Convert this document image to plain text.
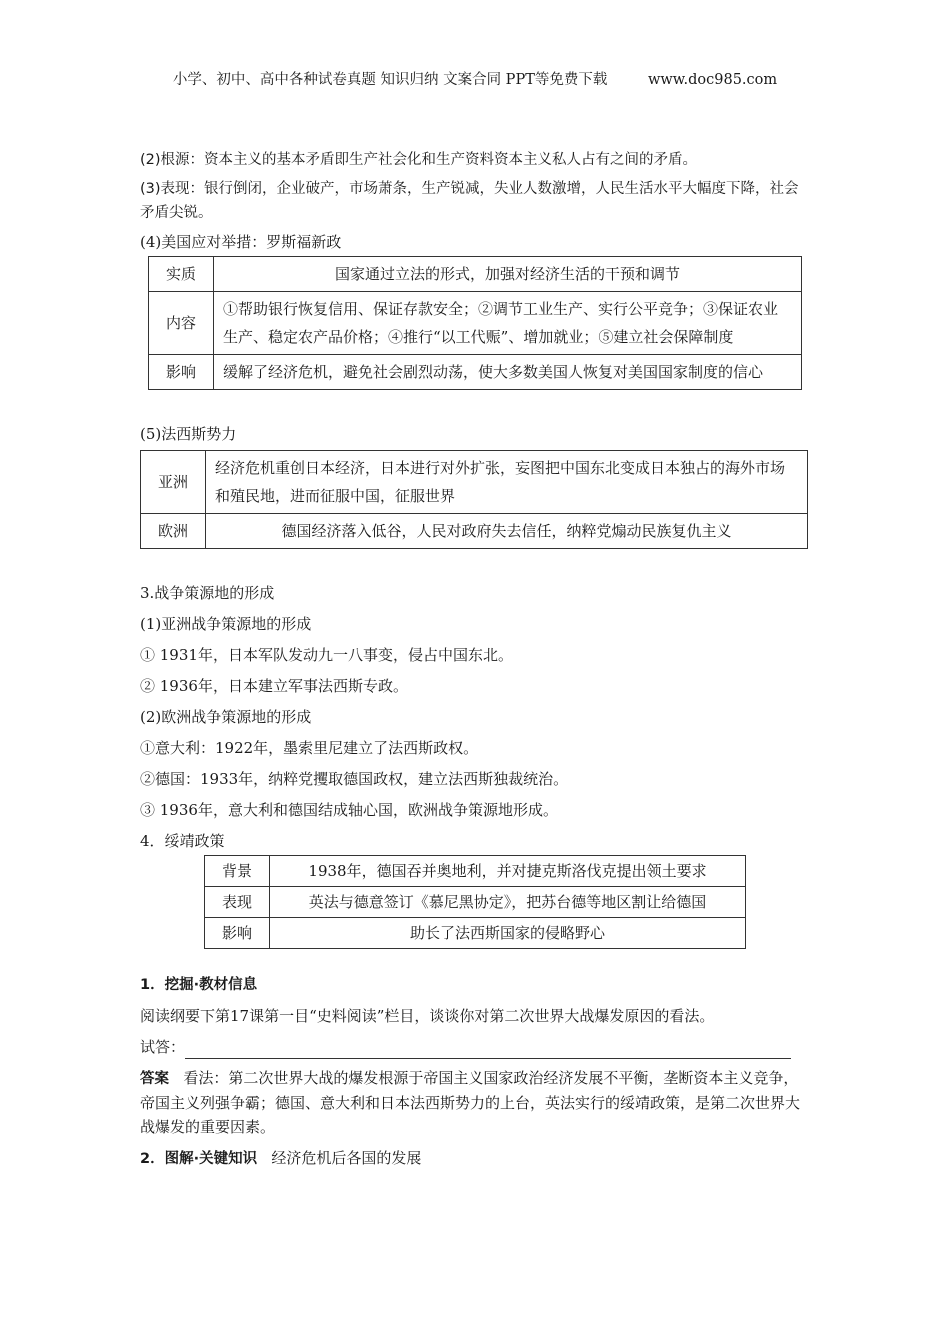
小学、初中、高中各种试卷真题 知识归纳 文案合同 PPT等免费下载	www.doc985.com

(2)根源：资本主义的基本矛盾即生产社会化和生产资料资本主义私人占有之间的矛盾。

(3)表现：银行倒闭，企业破产，市场萧条，生产锐减，失业人数激增，人民生活水平大幅度下降，社会矛盾尖锐。

(4)美国应对举措：罗斯福新政

实质	国家通过立法的形式，加强对经济生活的干预和调节
内容	①帮助银行恢复信用、保证存款安全；②调节工业生产、实行公平竞争；③保证农业生产、稳定农产品价格；④推行“以工代赈”、增加就业；⑤建立社会保障制度
影响	缓解了经济危机，避免社会剧烈动荡，使大多数美国人恢复对美国国家制度的信心

(5)法西斯势力

亚洲	经济危机重创日本经济，日本进行对外扩张，妄图把中国东北变成日本独占的海外市场和殖民地，进而征服中国，征服世界
欧洲	德国经济落入低谷，人民对政府失去信任，纳粹党煽动民族复仇主义

3.战争策源地的形成

(1)亚洲战争策源地的形成

① 1931年，日本军队发动九一八事变，侵占中国东北。

② 1936年，日本建立军事法西斯专政。

(2)欧洲战争策源地的形成

①意大利：1922年，墨索里尼建立了法西斯政权。

②德国：1933年，纳粹党攫取德国政权，建立法西斯独裁统治。

③ 1936年，意大利和德国结成轴心国，欧洲战争策源地形成。

4．绥靖政策

背景	1938年，德国吞并奥地利，并对捷克斯洛伐克提出领土要求
表现	英法与德意签订《慕尼黑协定》，把苏台德等地区割让给德国
影响	助长了法西斯国家的侵略野心

1．挖掘·教材信息

阅读纲要下第17课第一目“史料阅读”栏目，谈谈你对第二次世界大战爆发原因的看法。

试答：

答案 看法：第二次世界大战的爆发根源于帝国主义国家政治经济发展不平衡，垄断资本主义竞争，帝国主义列强争霸；德国、意大利和日本法西斯势力的上台，英法实行的绥靖政策，是第二次世界大战爆发的重要因素。

2．图解·关键知识 经济危机后各国的发展
